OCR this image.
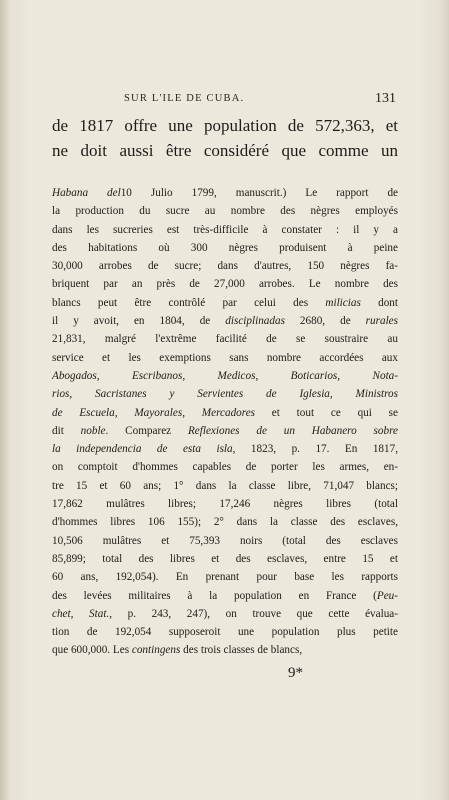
SUR L'ILE DE CUBA.	131
de 1817 offre une population de 572,363, et
ne doit aussi être considéré que comme un
Habana del10 Julio 1799, manuscrit.) Le rapport de
la production du sucre au nombre des nègres employés
dans les sucreries est très-difficile à constater : il y a
des habitations où 300 nègres produisent à peine
30,000 arrobes de sucre; dans d'autres, 150 nègres fa-
briquent par an près de 27,000 arrobes. Le nombre des
blancs peut être contrôlé par celui des milicias dont
il y avoit, en 1804, de disciplinadas 2680, de rurales
21,831, malgré l'extrême facilité de se soustraire au
service et les exemptions sans nombre accordées aux
Abogados, Escribanos, Medicos, Boticarios, Nota-
rios, Sacristanes y Servientes de Iglesia, Ministros
de Escuela, Mayorales, Mercadores et tout ce qui se
dit noble. Comparez Reflexiones de un Habanero sobre
la independencia de esta isla, 1823, p. 17. En 1817,
on comptoit d'hommes capables de porter les armes, en-
tre 15 et 60 ans; 1° dans la classe libre, 71,047 blancs;
17,862 mulâtres libres; 17,246 nègres libres (total
d'hommes libres 106 155); 2° dans la classe des esclaves,
10,506 mulâtres et 75,393 noirs (total des esclaves
85,899; total des libres et des esclaves, entre 15 et
60 ans, 192,054). En prenant pour base les rapports
des levées militaires à la population en France (Peu-
chet, Stat., p. 243, 247), on trouve que cette évalua-
tion de 192,054 supposeroit une population plus petite
que 600,000. Les contingens des trois classes de blancs,
9*
